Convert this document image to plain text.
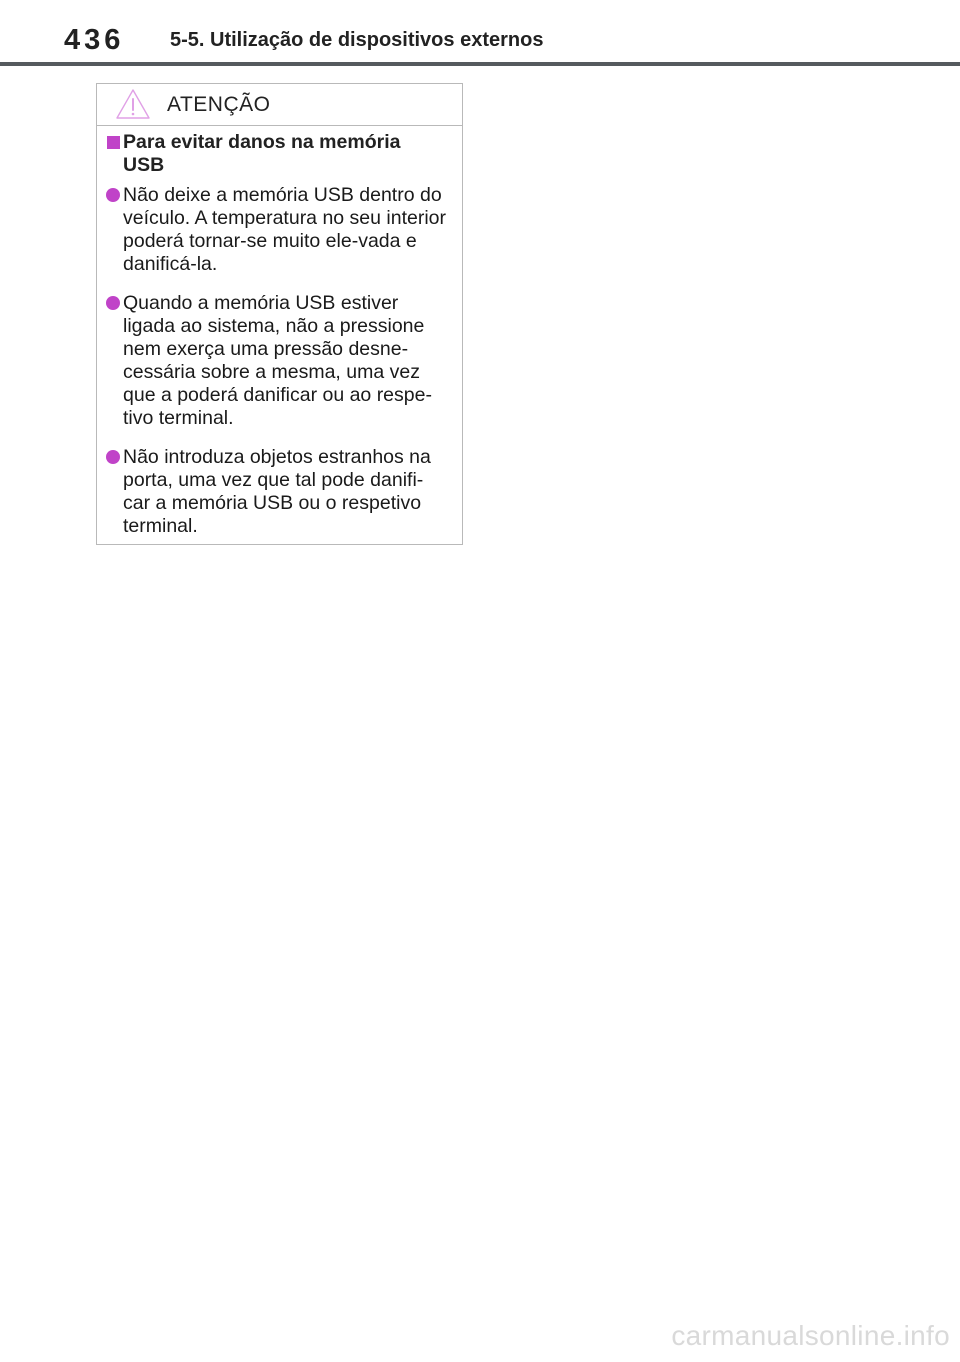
436 5-5. Utilização de dispositivos externos
ATENÇÃO
Para evitar danos na memória USB
Não deixe a memória USB dentro do veículo. A temperatura no seu interior poderá tornar-se muito ele-vada e danificá-la.
Quando a memória USB estiver ligada ao sistema, não a pressione nem exerça uma pressão desne-cessária sobre a mesma, uma vez que a poderá danificar ou ao respe-tivo terminal.
Não introduza objetos estranhos na porta, uma vez que tal pode danifi-car a memória USB ou o respetivo terminal.
carmanualsonline.info
